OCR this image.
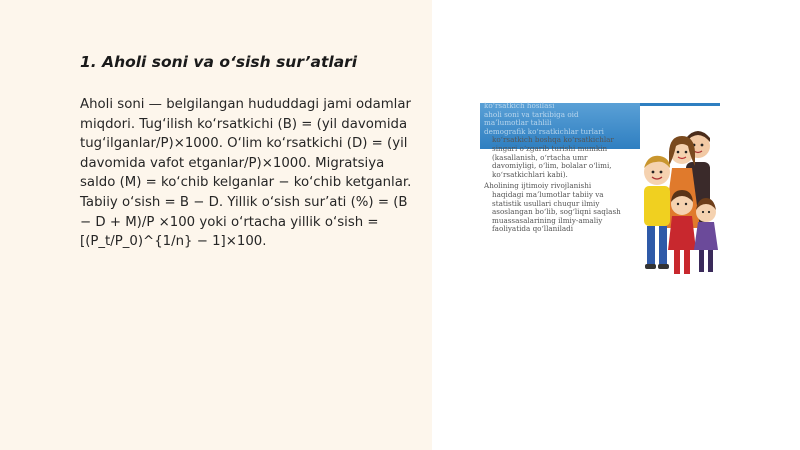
1. Aholi soni va o‘sish sur’atlari

Aholi soni — belgilangan hududdagi jami odamlar miqdori. Tug‘ilish ko‘rsatkichi (B) = (yil davomida tug‘ilganlar/P)×1000. O‘lim ko‘rsatkichi (D) = (yil davomida vafot etganlar/P)×1000. Migratsiya saldo (M) = ko‘chib kelganlar − ko‘chib ketganlar. Tabiiy o‘sish = B − D. Yillik o‘sish sur’ati (%) = (B − D + M)/P ×100 yoki o‘rtacha yillik o‘sish = [(P_t/P_0)^{1/n} − 1]×100.

ko‘rsatkich hosilasi
aholi soni va tarkibiga oid
ma’lumotlar tahlili
demografik ko‘rsatkichlar turlari
ko‘rsatkich boshqa ko‘rsatkichlar
singari o‘zgarib turishi mumkin
(kasallanish, o‘rtacha umr
davomiyligi, o‘lim, bolalar o‘limi,
ko‘rsatkichlari kabi).
Aholining ijtimoiy rivojlanishi
haqidagi ma’lumotlar tabiiy va
statistik usullari chuqur ilmiy
asoslangan bo‘lib, sog‘liqni saqlash
muassasalarining ilmiy-amaliy
faoliyatida qo‘llaniladi
